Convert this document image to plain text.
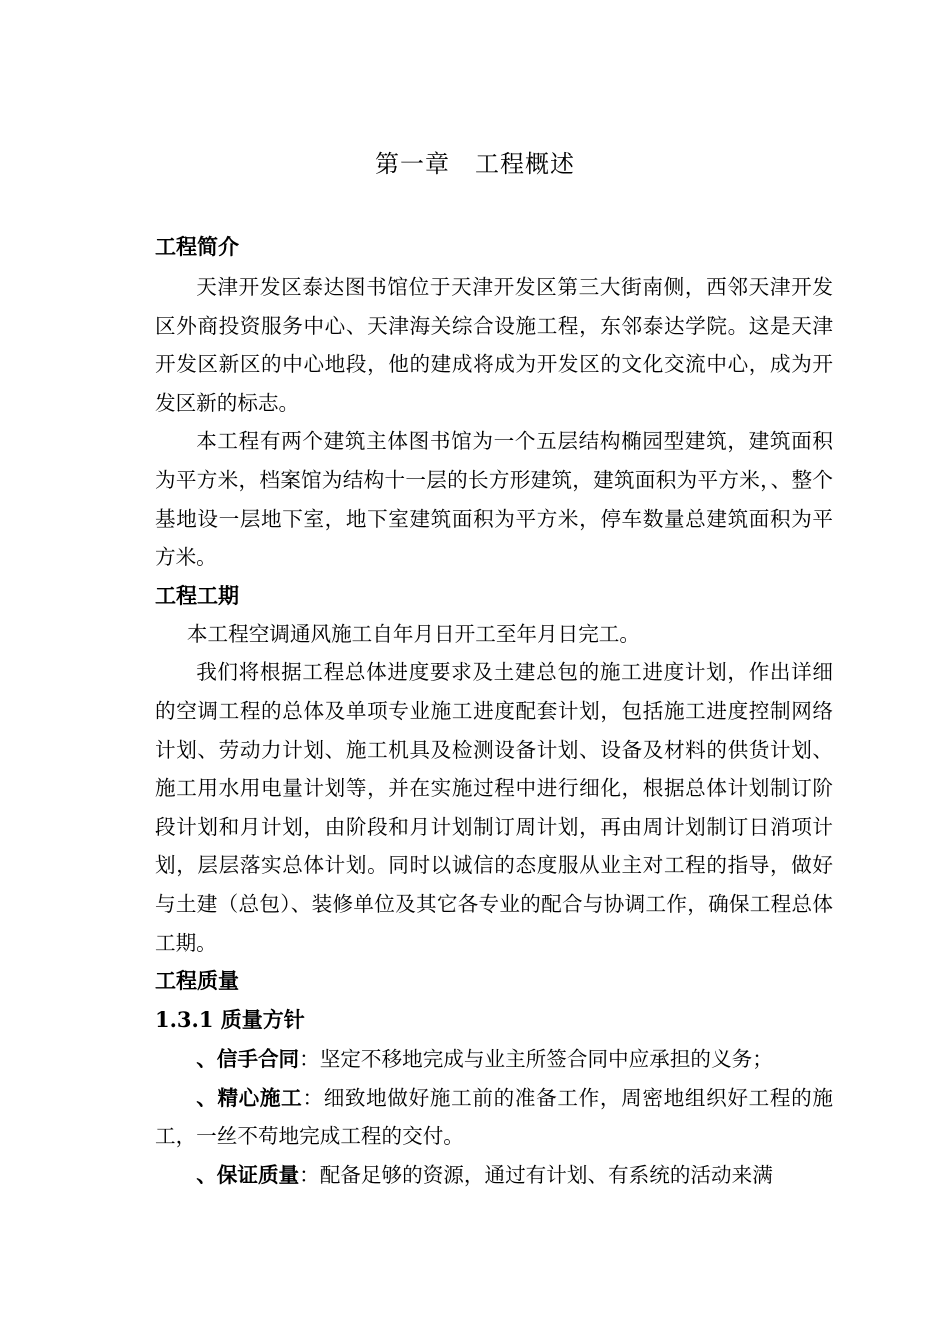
第一章　工程概述
工程简介

天津开发区泰达图书馆位于天津开发区第三大街南侧，西邻天津开发区外商投资服务中心、天津海关综合设施工程，东邻泰达学院。这是天津开发区新区的中心地段，他的建成将成为开发区的文化交流中心，成为开发区新的标志。

本工程有两个建筑主体图书馆为一个五层结构椭园型建筑，建筑面积为平方米，档案馆为结构十一层的长方形建筑，建筑面积为平方米，、整个基地设一层地下室，地下室建筑面积为平方米，停车数量总建筑面积为平方米。

工程工期

本工程空调通风施工自年月日开工至年月日完工。

我们将根据工程总体进度要求及土建总包的施工进度计划，作出详细的空调工程的总体及单项专业施工进度配套计划，包括施工进度控制网络计划、劳动力计划、施工机具及检测设备计划、设备及材料的供货计划、施工用水用电量计划等，并在实施过程中进行细化，根据总体计划制订阶段计划和月计划，由阶段和月计划制订周计划，再由周计划制订日消项计划，层层落实总体计划。同时以诚信的态度服从业主对工程的指导，做好与土建（总包）、装修单位及其它各专业的配合与协调工作，确保工程总体工期。

工程质量
1.3.1 质量方针

、信手合同：坚定不移地完成与业主所签合同中应承担的义务；

、精心施工：细致地做好施工前的准备工作，周密地组织好工程的施工，一丝不苟地完成工程的交付。

、保证质量：配备足够的资源，通过有计划、有系统的活动来满
